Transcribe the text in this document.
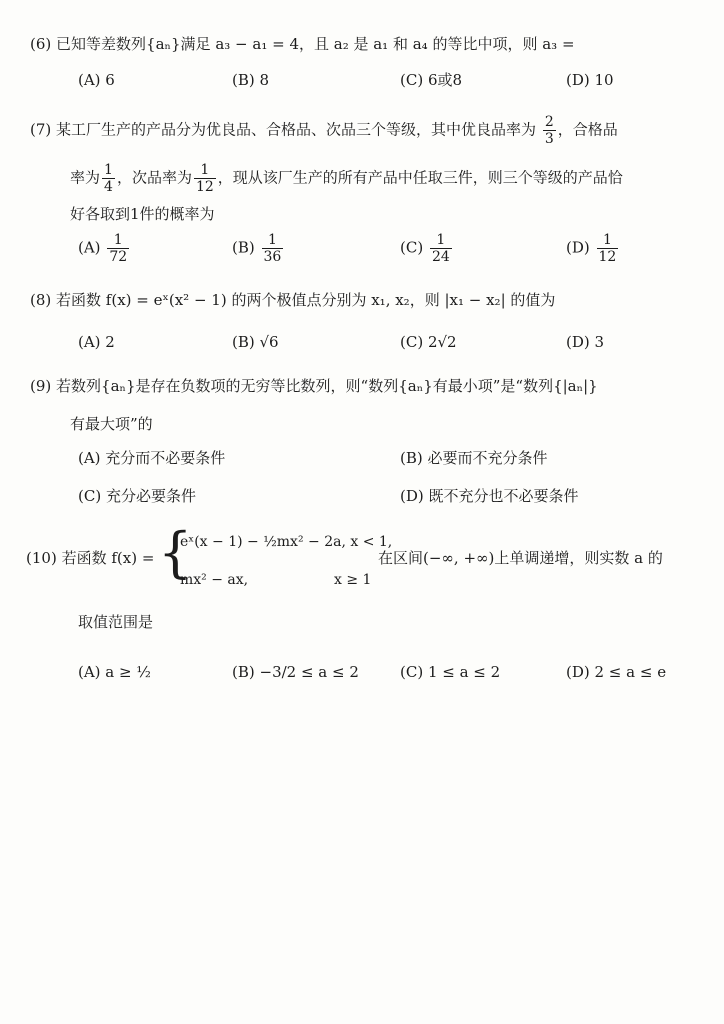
(6) 已知等差数列{aₙ}满足 a₃ − a₁ = 4，且 a₂ 是 a₁ 和 a₄ 的等比中项，则 a₃ =
(A) 6	(B) 8	(C) 6或8	(D) 10
(7) 某工厂生产的产品分为优良品、合格品、次品三个等级，其中优良品率为 $\frac{2}{3}$ ，合格品
率为 $\frac{1}{4}$ ，次品率为 $\frac{1}{12}$ ，现从该厂生产的所有产品中任取三件，则三个等级的产品恰
好各取到1件的概率为
$(A) \frac{1}{72}$	$(B) \frac{1}{36}$	$(C) \frac{1}{24}$	$(D) \frac{1}{12}$
(8) 若函数 f(x) = eˣ(x² − 1) 的两个极值点分别为 x₁, x₂，则 |x₁ − x₂| 的值为
(A) 2	(B) √6	(C) 2√2	(D) 3
(9) 若数列{aₙ}是存在负数项的无穷等比数列，则“数列{aₙ}有最小项”是“数列{|aₙ|}
有最大项”的
(A) 充分而不必要条件	(B) 必要而不充分条件
(C) 充分必要条件	(D) 既不充分也不必要条件
(10) 若函数 f(x) = {
eˣ(x − 1) − ½mx² − 2a, x < 1,
mx² − ax,	x ≥ 1
在区间(−∞, +∞)上单调递增，则实数 a 的
取值范围是
(A) a ≥ ½	(B) −3/2 ≤ a ≤ 2	(C) 1 ≤ a ≤ 2	(D) 2 ≤ a ≤ e
